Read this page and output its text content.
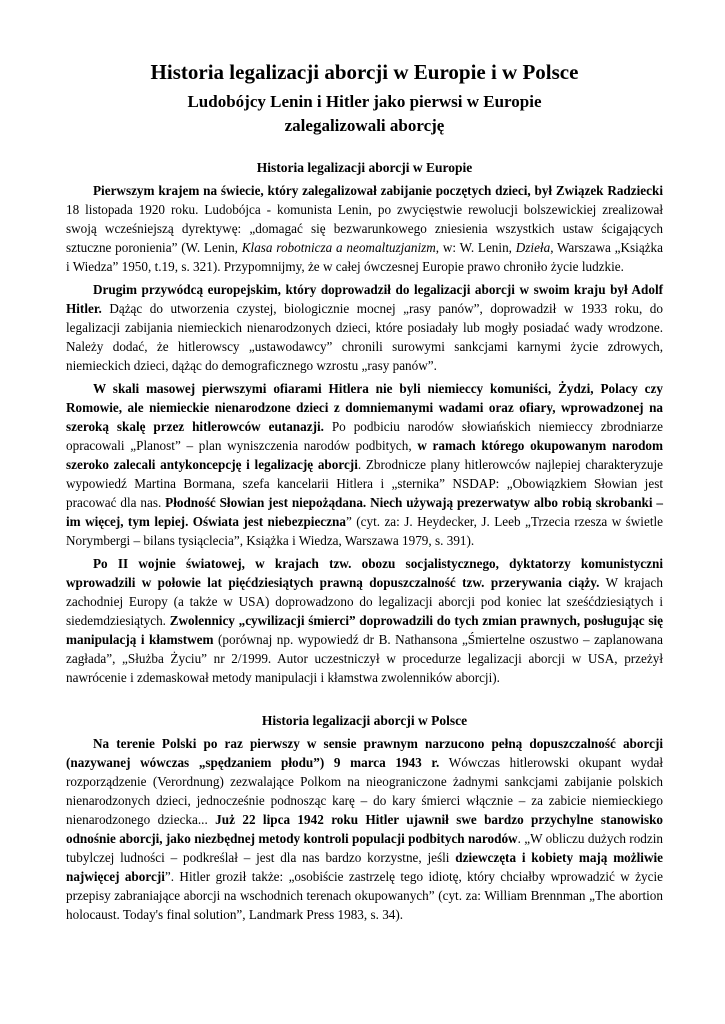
Historia legalizacji aborcji w Europie i w Polsce
Ludobójcy Lenin i Hitler jako pierwsi w Europie
zalegalizowali aborcję
Historia legalizacji aborcji w Europie

Pierwszym krajem na świecie, który zalegalizował zabijanie poczętych dzieci, był Związek Radziecki 18 listopada 1920 roku. Ludobójca - komunista Lenin, po zwycięstwie rewolucji bolszewickiej zrealizował swoją wcześniejszą dyrektywę: „domagać się bezwarunkowego zniesienia wszystkich ustaw ścigających sztuczne poronienia” (W. Lenin, Klasa robotnicza a neomaltuzjanizm, w: W. Lenin, Dzieła, Warszawa „Książka i Wiedza” 1950, t.19, s. 321). Przypomnijmy, że w całej ówczesnej Europie prawo chroniło życie ludzkie.

Drugim przywódcą europejskim, który doprowadził do legalizacji aborcji w swoim kraju był Adolf Hitler. Dążąc do utworzenia czystej, biologicznie mocnej „rasy panów”, doprowadził w 1933 roku, do legalizacji zabijania niemieckich nienarodzonych dzieci, które posiadały lub mogły posiadać wady wrodzone. Należy dodać, że hitlerowscy „ustawodawcy” chronili surowymi sankcjami karnymi życie zdrowych, niemieckich dzieci, dążąc do demograficznego wzrostu „rasy panów”.

W skali masowej pierwszymi ofiarami Hitlera nie byli niemieccy komuniści, Żydzi, Polacy czy Romowie, ale niemieckie nienarodzone dzieci z domniemanymi wadami oraz ofiary, wprowadzonej na szeroką skalę przez hitlerowców eutanazji. Po podbiciu narodów słowiańskich niemieccy zbrodniarze opracowali „Planost” – plan wyniszczenia narodów podbitych, w ramach którego okupowanym narodom szeroko zalecali antykoncepcję i legalizację aborcji. Zbrodnicze plany hitlerowców najlepiej charakteryzuje wypowiedź Martina Bormana, szefa kancelarii Hitlera i „sternika” NSDAP: „Obowiązkiem Słowian jest pracować dla nas. Płodność Słowian jest niepożądana. Niech używają prezerwatyw albo robią skrobanki – im więcej, tym lepiej. Oświata jest niebezpieczna” (cyt. za: J. Heydecker, J. Leeb „Trzecia rzesza w świetle Norymbergi – bilans tysiąclecia”, Książka i Wiedza, Warszawa 1979, s. 391).

Po II wojnie światowej, w krajach tzw. obozu socjalistycznego, dyktatorzy komunistyczni wprowadzili w połowie lat pięćdziesiątych prawną dopuszczalność tzw. przerywania ciąży. W krajach zachodniej Europy (a także w USA) doprowadzono do legalizacji aborcji pod koniec lat sześćdziesiątych i siedemdziesiątych. Zwolennicy „cywilizacji śmierci” doprowadzili do tych zmian prawnych, posługując się manipulacją i kłamstwem (porównaj np. wypowiedź dr B. Nathansona „Śmiertelne oszustwo – zaplanowana zagłada”, „Służba Życiu” nr 2/1999. Autor uczestniczył w procedurze legalizacji aborcji w USA, przeżył nawrócenie i zdemaskował metody manipulacji i kłamstwa zwolenników aborcji).

Historia legalizacji aborcji w Polsce

Na terenie Polski po raz pierwszy w sensie prawnym narzucono pełną dopuszczalność aborcji (nazywanej wówczas „spędzaniem płodu”) 9 marca 1943 r. Wówczas hitlerowski okupant wydał rozporządzenie (Verordnung) zezwalające Polkom na nieograniczone żadnymi sankcjami zabijanie polskich nienarodzonych dzieci, jednocześnie podnosząc karę – do kary śmierci włącznie – za zabicie niemieckiego nienarodzonego dziecka... Już 22 lipca 1942 roku Hitler ujawnił swe bardzo przychylne stanowisko odnośnie aborcji, jako niezbędnej metody kontroli populacji podbitych narodów. „W obliczu dużych rodzin tubylczej ludności – podkreślał – jest dla nas bardzo korzystne, jeśli dziewczęta i kobiety mają możliwie najwięcej aborcji”. Hitler groził także: „osobiście zastrzelę tego idiotę, który chciałby wprowadzić w życie przepisy zabraniające aborcji na wschodnich terenach okupowanych” (cyt. za: William Brennman „The abortion holocaust. Today's final solution”, Landmark Press 1983, s. 34).
